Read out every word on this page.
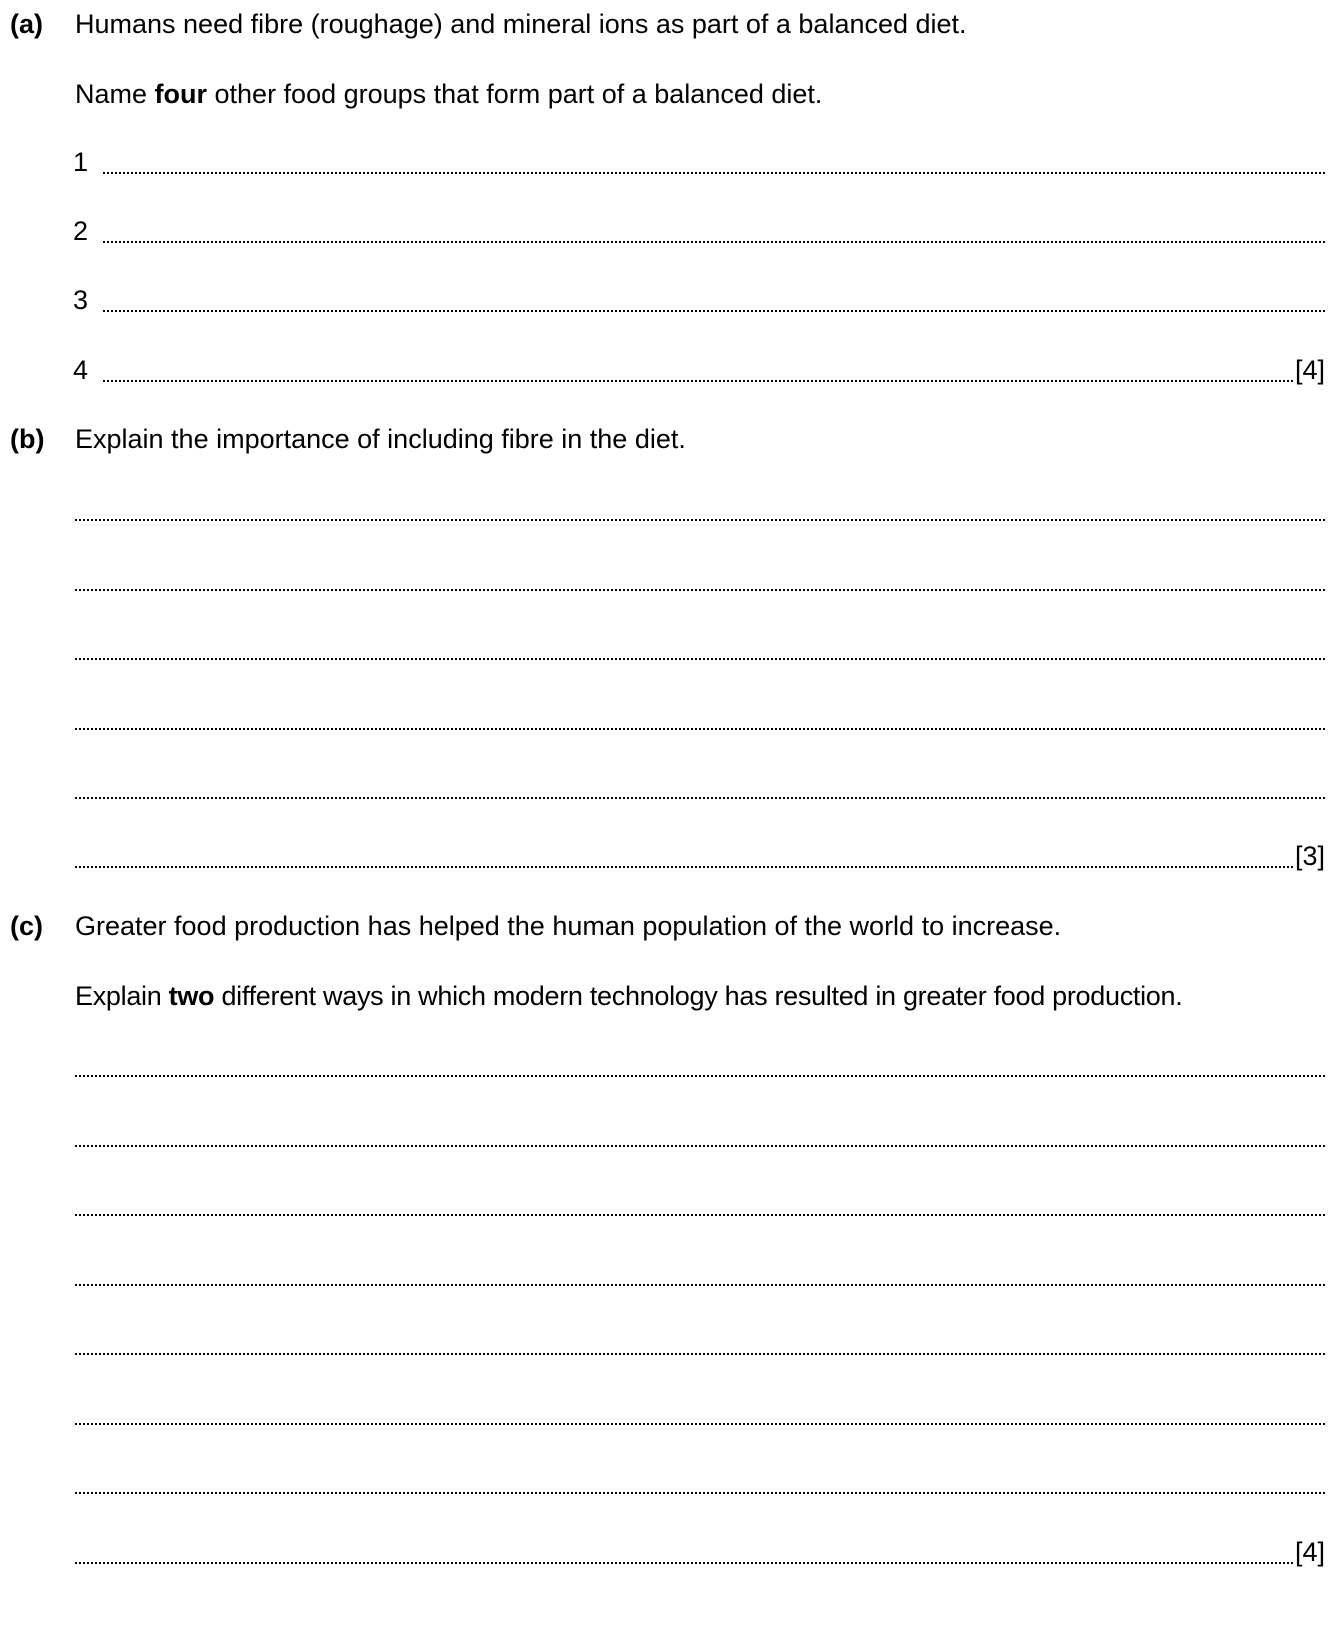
(a) Humans need fibre (roughage) and mineral ions as part of a balanced diet.
Name four other food groups that form part of a balanced diet.
1
2
3
4	[4]
(b) Explain the importance of including fibre in the diet.
[3]
(c) Greater food production has helped the human population of the world to increase.
Explain two different ways in which modern technology has resulted in greater food production.
[4]
